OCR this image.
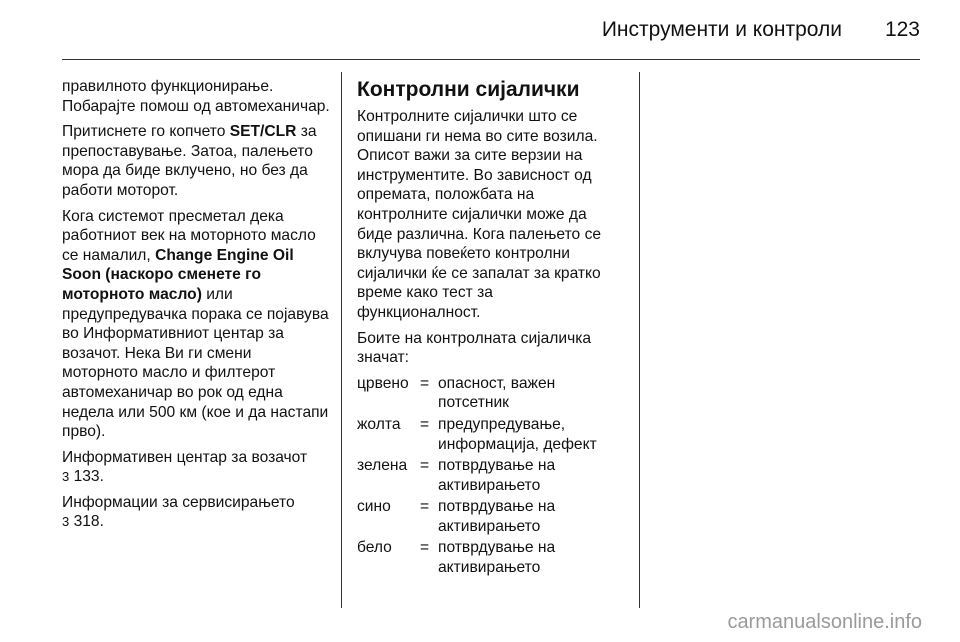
Инструменти и контроли 123

правилното функционирање. Побарајте помош од автомеханичар.

Притиснете го копчето SET/CLR за препоставување. Затоа, палењето мора да биде вклучено, но без да работи моторот.

Кога системот пресметал дека работниот век на моторното масло се намалил, Change Engine Oil Soon (наскоро сменете го моторното масло) или предупредувачка порака се појавува во Информативниот центар за возачот. Нека Ви ги смени моторното масло и филтерот автомеханичар во рок од една недела или 500 км (кое и да настапи прво).

Информативен центар за возачот
3 133.

Информации за сервисирањето
3 318.

Контролни сијалички

Контролните сијалички што се опишани ги нема во сите возила. Описот важи за сите верзии на инструментите. Во зависност од опремата, положбата на контролните сијалички може да биде различна. Кога палењето се вклучува повеќето контролни сијалички ќе се запалат за кратко време како тест за функционалност.

Боите на контролната сијаличка значат:

црвено = опасност, важен потсетник
жолта	= предупредување, информација, дефект
зелена = потврдување на активирањето
сино	= потврдување на активирањето
бело	= потврдување на активирањето
carmanualsonline.info
